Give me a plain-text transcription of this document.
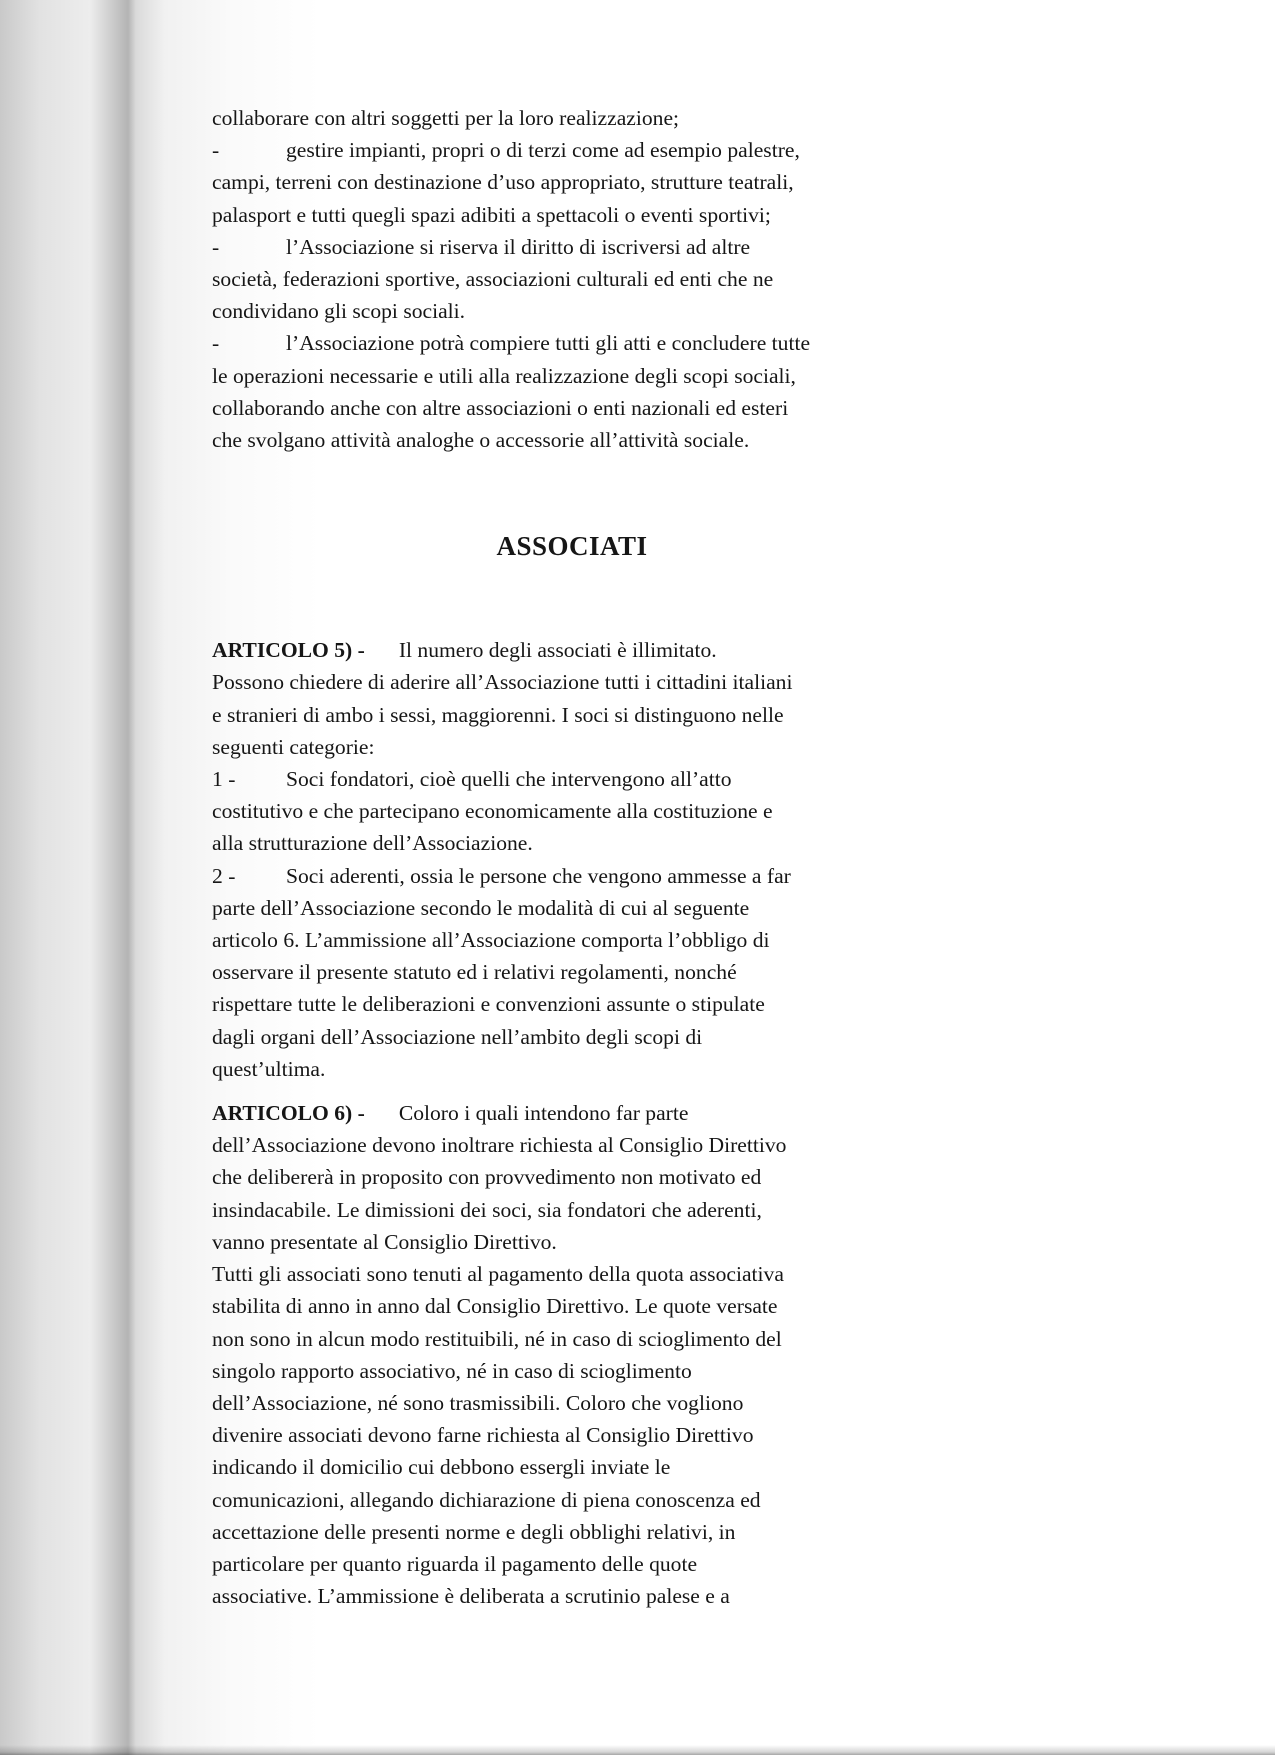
collaborare con altri soggetti per la loro realizzazione;

-	gestire impianti, propri o di terzi come ad esempio palestre,

campi, terreni con destinazione d’uso appropriato, strutture teatrali,

palasport e tutti quegli spazi adibiti a spettacoli o eventi sportivi;

-	l’Associazione si riserva il diritto di iscriversi ad altre

società, federazioni sportive, associazioni culturali ed enti che ne

condividano gli scopi sociali.

-	l’Associazione potrà compiere tutti gli atti e concludere tutte

le operazioni necessarie e utili alla realizzazione degli scopi sociali,

collaborando anche con altre associazioni o enti nazionali ed esteri

che svolgano attività analoghe o accessorie all’attività sociale.

ASSOCIATI

ARTICOLO 5) - Il numero degli associati è illimitato.

Possono chiedere di aderire all’Associazione tutti i cittadini italiani

e stranieri di ambo i sessi, maggiorenni. I soci si distinguono nelle

seguenti categorie:

1 - Soci fondatori, cioè quelli che intervengono all’atto

costitutivo e che partecipano economicamente alla costituzione e

alla strutturazione dell’Associazione.

2 - Soci aderenti, ossia le persone che vengono ammesse a far

parte dell’Associazione secondo le modalità di cui al seguente

articolo 6. L’ammissione all’Associazione comporta l’obbligo di

osservare il presente statuto ed i relativi regolamenti, nonché

rispettare tutte le deliberazioni e convenzioni assunte o stipulate

dagli organi dell’Associazione nell’ambito degli scopi di

quest’ultima.

ARTICOLO 6) - Coloro i quali intendono far parte

dell’Associazione devono inoltrare richiesta al Consiglio Direttivo

che delibererà in proposito con provvedimento non motivato ed

insindacabile. Le dimissioni dei soci, sia fondatori che aderenti,

vanno presentate al Consiglio Direttivo.

Tutti gli associati sono tenuti al pagamento della quota associativa

stabilita di anno in anno dal Consiglio Direttivo. Le quote versate

non sono in alcun modo restituibili, né in caso di scioglimento del

singolo rapporto associativo, né in caso di scioglimento

dell’Associazione, né sono trasmissibili. Coloro che vogliono

divenire associati devono farne richiesta al Consiglio Direttivo

indicando il domicilio cui debbono essergli inviate le

comunicazioni, allegando dichiarazione di piena conoscenza ed

accettazione delle presenti norme e degli obblighi relativi, in

particolare per quanto riguarda il pagamento delle quote

associative. L’ammissione è deliberata a scrutinio palese e a
